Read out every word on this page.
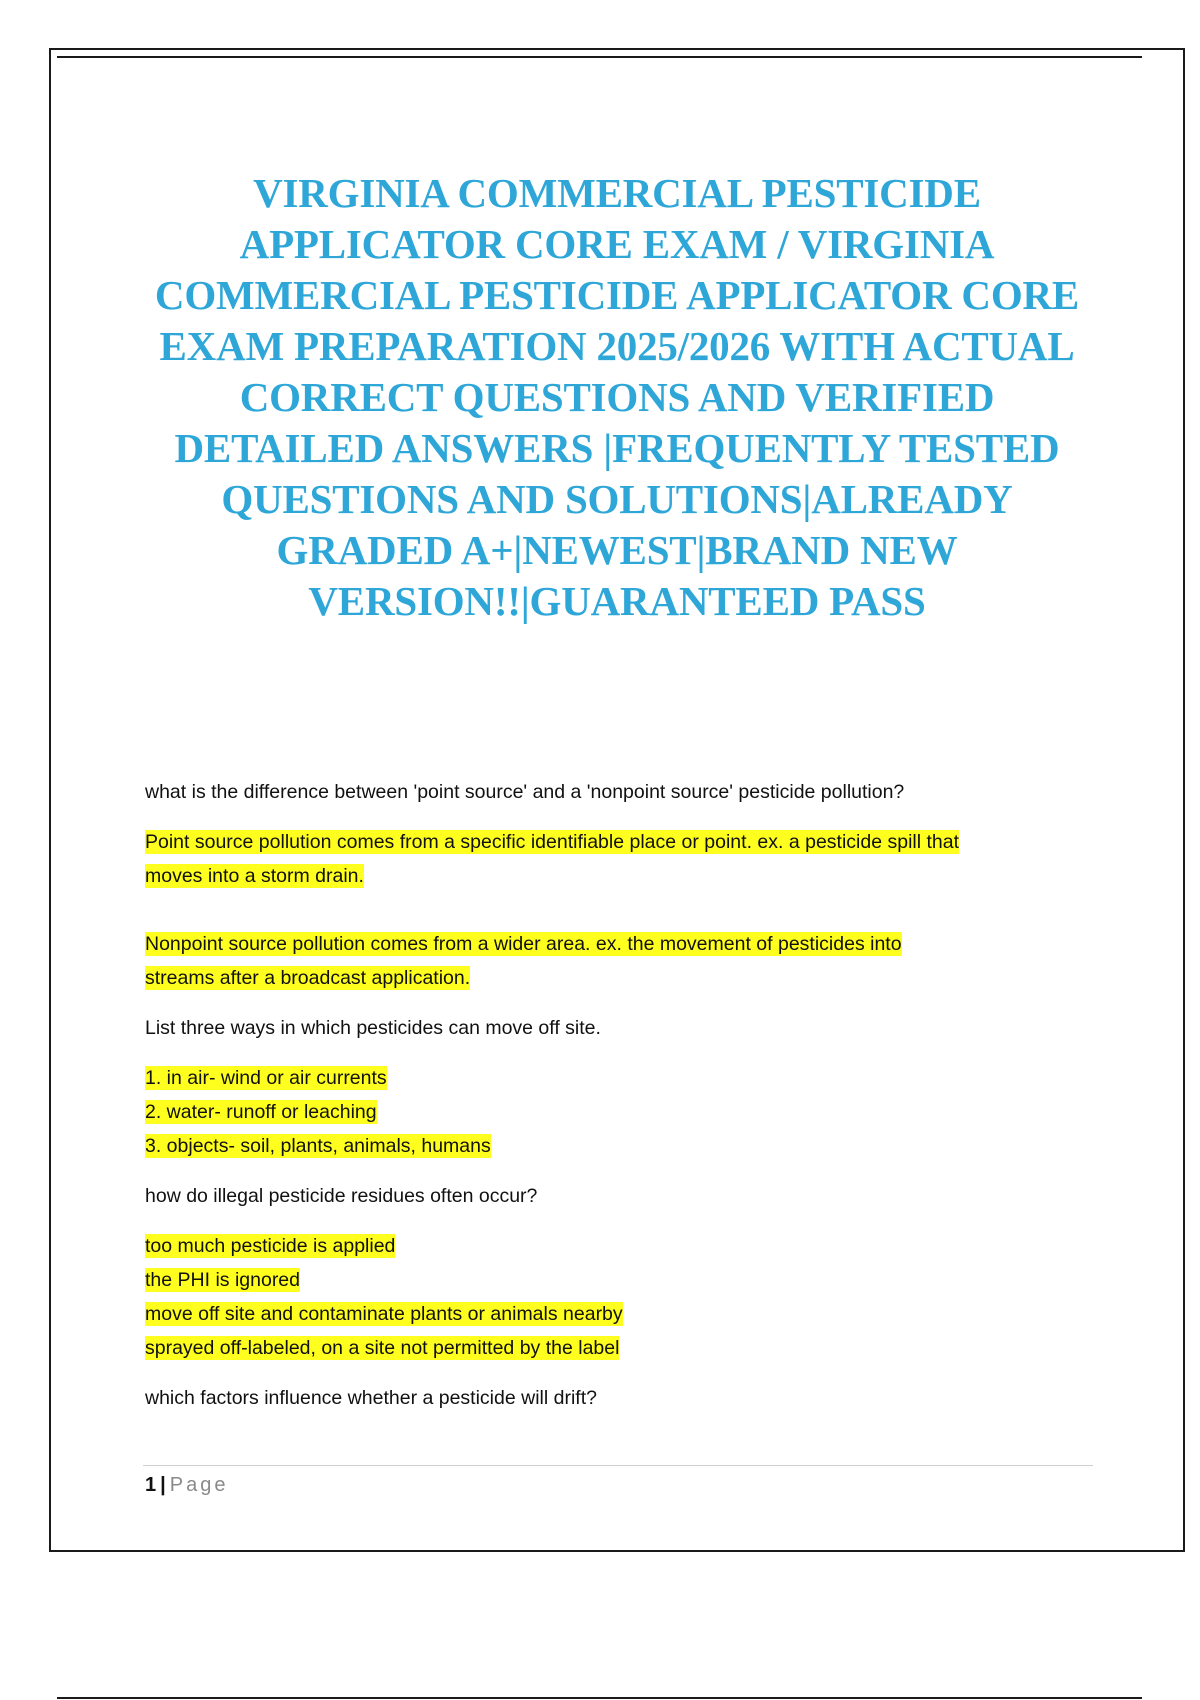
VIRGINIA COMMERCIAL PESTICIDE APPLICATOR CORE EXAM / VIRGINIA COMMERCIAL PESTICIDE APPLICATOR CORE EXAM PREPARATION 2025/2026 WITH ACTUAL CORRECT QUESTIONS AND VERIFIED DETAILED ANSWERS |FREQUENTLY TESTED QUESTIONS AND SOLUTIONS|ALREADY GRADED A+|NEWEST|BRAND NEW VERSION!!|GUARANTEED PASS

what is the difference between 'point source' and a 'nonpoint source' pesticide pollution?

Point source pollution comes from a specific identifiable place or point. ex. a pesticide spill that
moves into a storm drain.

Nonpoint source pollution comes from a wider area. ex. the movement of pesticides into
streams after a broadcast application.

List three ways in which pesticides can move off site.

1. in air- wind or air currents
2. water- runoff or leaching
3. objects- soil, plants, animals, humans

how do illegal pesticide residues often occur?

too much pesticide is applied
the PHI is ignored
move off site and contaminate plants or animals nearby
sprayed off-labeled, on a site not permitted by the label

which factors influence whether a pesticide will drift?

1 | Page
